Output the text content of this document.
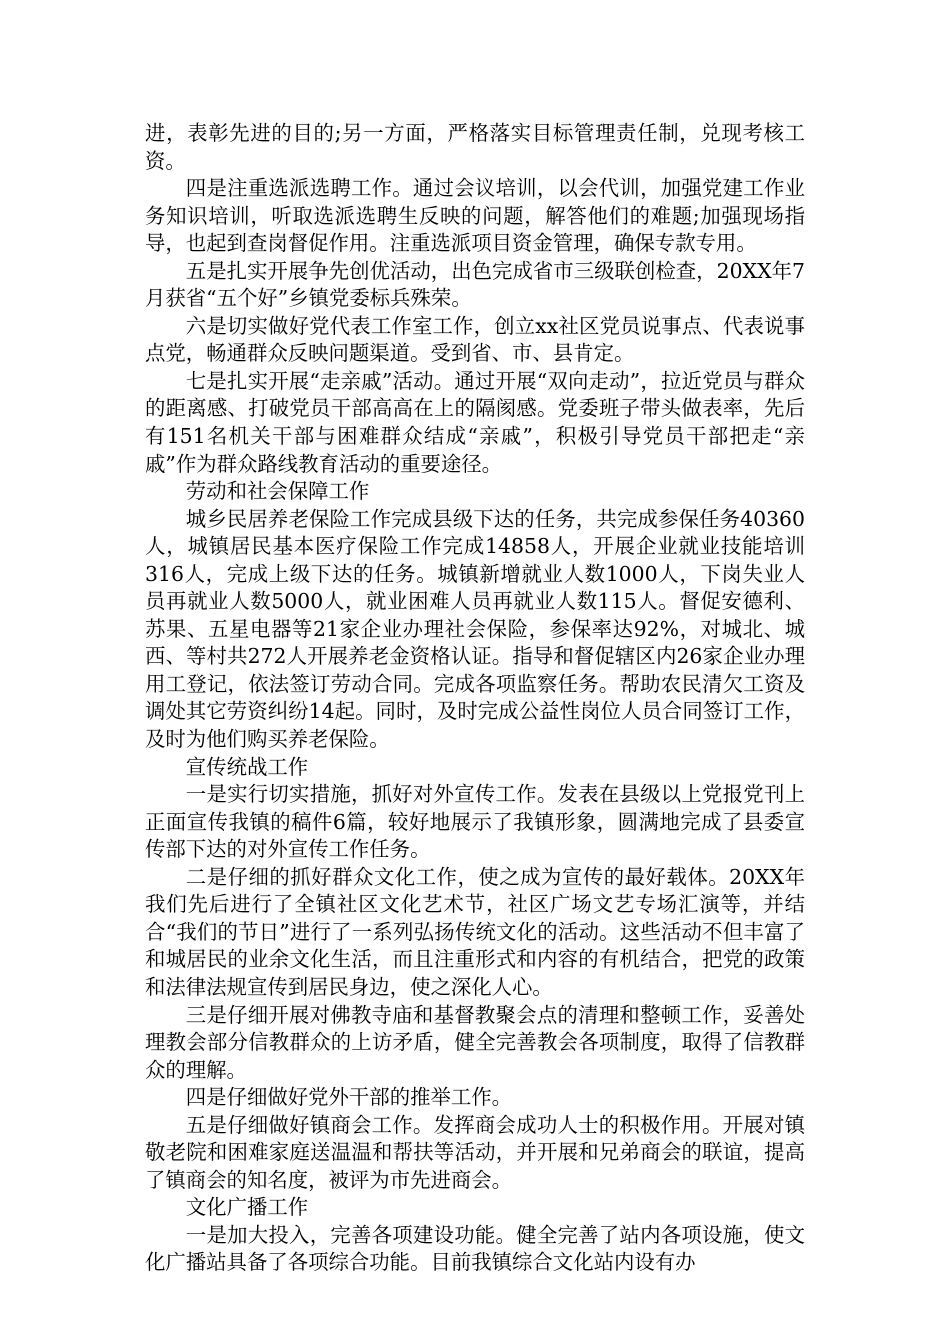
进，表彰先进的目的;另一方面，严格落实目标管理责任制，兑现考核工资。

四是注重选派选聘工作。通过会议培训，以会代训，加强党建工作业务知识培训，听取选派选聘生反映的问题，解答他们的难题;加强现场指导，也起到查岗督促作用。注重选派项目资金管理，确保专款专用。

五是扎实开展争先创优活动，出色完成省市三级联创检查，20XX年7月获省“五个好”乡镇党委标兵殊荣。

六是切实做好党代表工作室工作，创立xx社区党员说事点、代表说事点党，畅通群众反映问题渠道。受到省、市、县肯定。

七是扎实开展“走亲戚”活动。通过开展“双向走动”，拉近党员与群众的距离感、打破党员干部高高在上的隔阂感。党委班子带头做表率，先后有151名机关干部与困难群众结成“亲戚”，积极引导党员干部把走“亲戚”作为群众路线教育活动的重要途径。

劳动和社会保障工作

城乡民居养老保险工作完成县级下达的任务，共完成参保任务40360人，城镇居民基本医疗保险工作完成14858人，开展企业就业技能培训316人，完成上级下达的任务。城镇新增就业人数1000人，下岗失业人员再就业人数5000人，就业困难人员再就业人数115人。督促安德利、苏果、五星电器等21家企业办理社会保险，参保率达92%，对城北、城西、等村共272人开展养老金资格认证。指导和督促辖区内26家企业办理用工登记，依法签订劳动合同。完成各项监察任务。帮助农民清欠工资及调处其它劳资纠纷14起。同时，及时完成公益性岗位人员合同签订工作，及时为他们购买养老保险。

宣传统战工作

一是实行切实措施，抓好对外宣传工作。发表在县级以上党报党刊上正面宣传我镇的稿件6篇，较好地展示了我镇形象，圆满地完成了县委宣传部下达的对外宣传工作任务。

二是仔细的抓好群众文化工作，使之成为宣传的最好载体。20XX年我们先后进行了全镇社区文化艺术节，社区广场文艺专场汇演等，并结合“我们的节日”进行了一系列弘扬传统文化的活动。这些活动不但丰富了和城居民的业余文化生活，而且注重形式和内容的有机结合，把党的政策和法律法规宣传到居民身边，使之深化人心。

三是仔细开展对佛教寺庙和基督教聚会点的清理和整顿工作，妥善处理教会部分信教群众的上访矛盾，健全完善教会各项制度，取得了信教群众的理解。

四是仔细做好党外干部的推举工作。

五是仔细做好镇商会工作。发挥商会成功人士的积极作用。开展对镇敬老院和困难家庭送温温和帮扶等活动，并开展和兄弟商会的联谊，提高了镇商会的知名度，被评为市先进商会。

文化广播工作

一是加大投入，完善各项建设功能。健全完善了站内各项设施，使文化广播站具备了各项综合功能。目前我镇综合文化站内设有办
